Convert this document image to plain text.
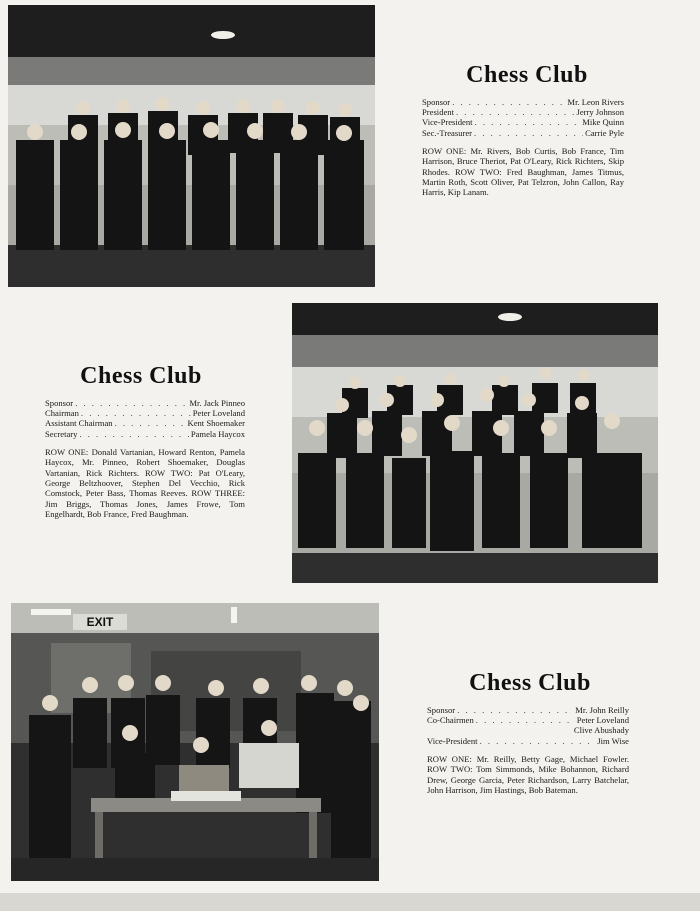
Chess Club
Sponsor . . .	Mr. Leon Rivers
President . . .	Jerry Johnson
Vice-President . . .	Mike Quinn
Sec.-Treasurer . . .	Carrie Pyle
ROW ONE: Mr. Rivers, Bob Curtis, Bob France, Tim Harrison, Bruce Theriot, Pat O'Leary, Rick Richters, Skip Rhodes. ROW TWO: Fred Baughman, James Titmus, Martin Roth, Scott Oliver, Pat Telzron, John Callon, Ray Harris, Kip Lanam.
Chess Club
Sponsor . . .	Mr. Jack Pinneo
Chairman . . .	Peter Loveland
Assistant Chairman . . .	Kent Shoemaker
Secretary . . .	Pamela Haycox
ROW ONE: Donald Vartanian, Howard Renton, Pamela Haycox, Mr. Pinneo, Robert Shoemaker, Douglas Vartanian, Rick Richters. ROW TWO: Pat O'Leary, George Beltzhoover, Stephen Del Vecchio, Rick Comstock, Peter Bass, Thomas Reeves. ROW THREE: Jim Briggs, Thomas Jones, James Frowe, Tom Engelhardt, Bob France, Fred Baughman.
EXIT
Chess Club
Sponsor . . .	Mr. John Reilly
Co-Chairmen . . .	Peter Loveland
Clive Abushady
Vice-President . . .	Jim Wise
ROW ONE: Mr. Reilly, Betty Gage, Michael Fowler. ROW TWO: Tom Simmonds, Mike Bohannon, Richard Drew, George Garcia, Peter Richardson, Larry Batchelar, John Harrison, Jim Hastings, Bob Bateman.
